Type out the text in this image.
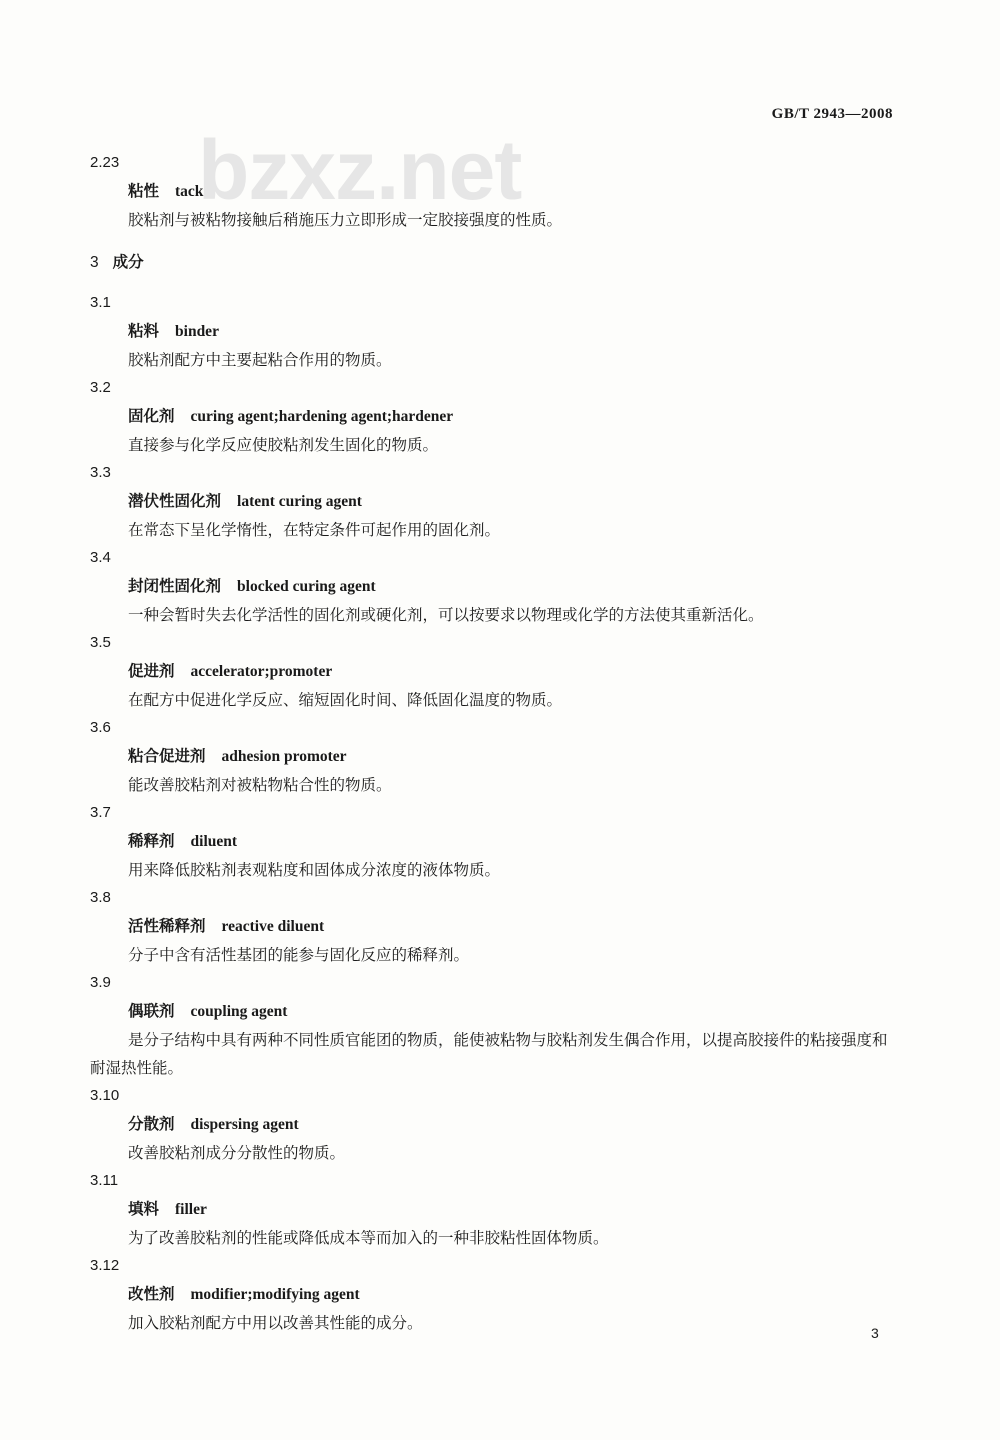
GB/T 2943—2008
bzxz.net
2.23
粘性 tack
胶粘剂与被粘物接触后稍施压力立即形成一定胶接强度的性质。
3 成分
3.1
粘料 binder
胶粘剂配方中主要起粘合作用的物质。
3.2
固化剂 curing agent;hardening agent;hardener
直接参与化学反应使胶粘剂发生固化的物质。
3.3
潜伏性固化剂 latent curing agent
在常态下呈化学惰性，在特定条件可起作用的固化剂。
3.4
封闭性固化剂 blocked curing agent
一种会暂时失去化学活性的固化剂或硬化剂，可以按要求以物理或化学的方法使其重新活化。
3.5
促进剂 accelerator;promoter
在配方中促进化学反应、缩短固化时间、降低固化温度的物质。
3.6
粘合促进剂 adhesion promoter
能改善胶粘剂对被粘物粘合性的物质。
3.7
稀释剂 diluent
用来降低胶粘剂表观粘度和固体成分浓度的液体物质。
3.8
活性稀释剂 reactive diluent
分子中含有活性基团的能参与固化反应的稀释剂。
3.9
偶联剂 coupling agent
是分子结构中具有两种不同性质官能团的物质，能使被粘物与胶粘剂发生偶合作用，以提高胶接件的粘接强度和耐湿热性能。
3.10
分散剂 dispersing agent
改善胶粘剂成分分散性的物质。
3.11
填料 filler
为了改善胶粘剂的性能或降低成本等而加入的一种非胶粘性固体物质。
3.12
改性剂 modifier;modifying agent
加入胶粘剂配方中用以改善其性能的成分。
3
